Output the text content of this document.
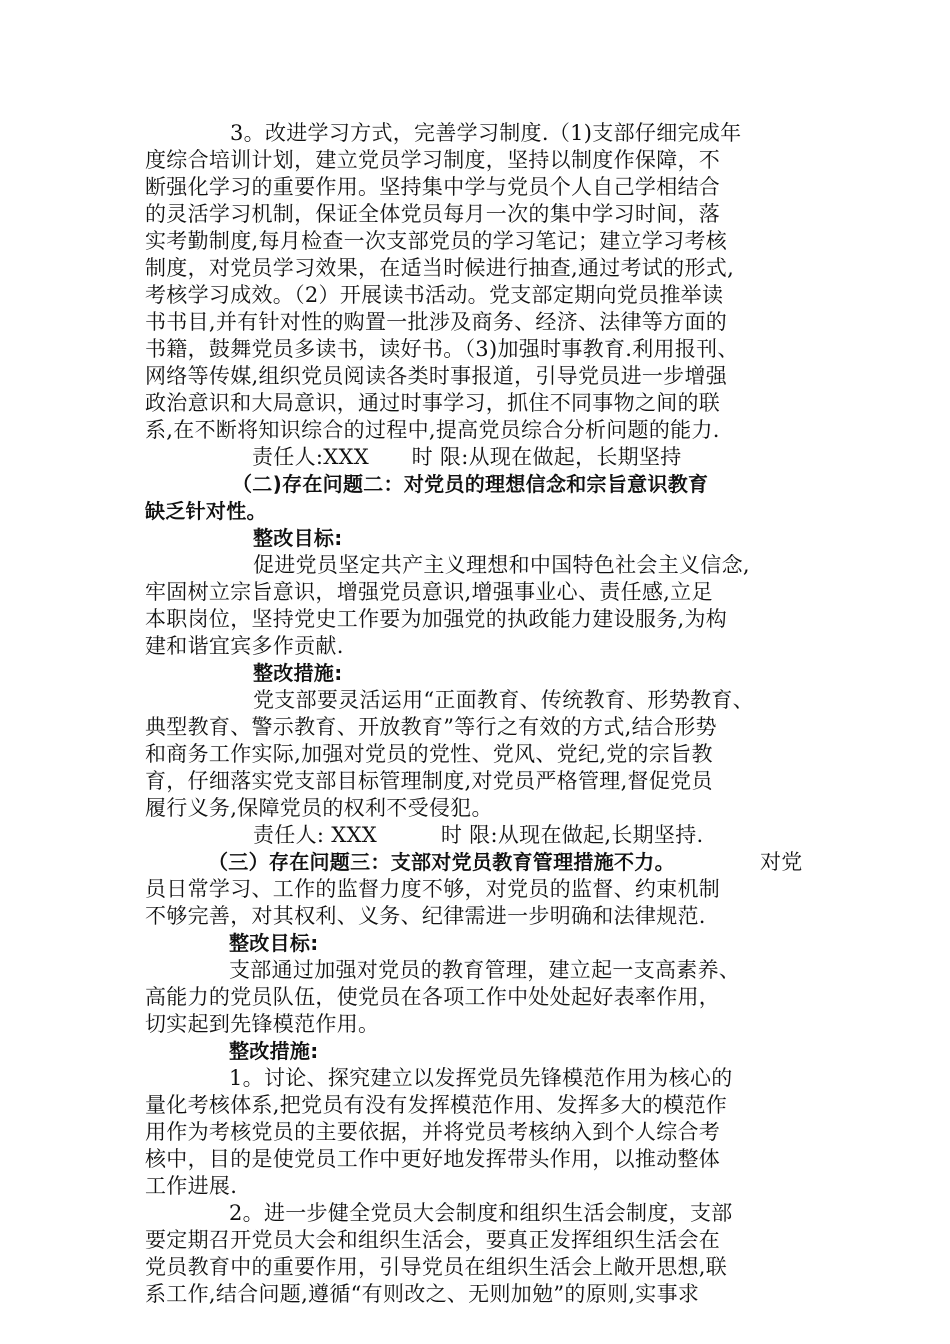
3。改进学习方式，完善学习制度.（1)支部仔细完成年
度综合培训计划，建立党员学习制度，坚持以制度作保障，不
断强化学习的重要作用。坚持集中学与党员个人自己学相结合
的灵活学习机制，保证全体党员每月一次的集中学习时间，落
实考勤制度,每月检查一次支部党员的学习笔记；建立学习考核
制度，对党员学习效果，在适当时候进行抽查,通过考试的形式,
考核学习成效。（2）开展读书活动。党支部定期向党员推举读
书书目,并有针对性的购置一批涉及商务、经济、法律等方面的
书籍，鼓舞党员多读书，读好书。（3)加强时事教育.利用报刊、
网络等传媒,组织党员阅读各类时事报道，引导党员进一步增强
政治意识和大局意识，通过时事学习，抓住不同事物之间的联
系,在不断将知识综合的过程中,提高党员综合分析问题的能力.
责任人:XXX　　时 限:从现在做起，长期坚持
（二)存在问题二：对党员的理想信念和宗旨意识教育
缺乏针对性。
整改目标:
促进党员坚定共产主义理想和中国特色社会主义信念,
牢固树立宗旨意识，增强党员意识,增强事业心、责任感,立足
本职岗位，坚持党史工作要为加强党的执政能力建设服务,为构
建和谐宜宾多作贡献.
整改措施:
党支部要灵活运用“正面教育、传统教育、形势教育、
典型教育、警示教育、开放教育”等行之有效的方式,结合形势
和商务工作实际,加强对党员的党性、党风、党纪,党的宗旨教
育，仔细落实党支部目标管理制度,对党员严格管理,督促党员
履行义务,保障党员的权利不受侵犯。
责任人: XXX　　　时 限:从现在做起,长期坚持.
（三）存在问题三：支部对党员教育管理措施不力。	对党
员日常学习、工作的监督力度不够，对党员的监督、约束机制
不够完善，对其权利、义务、纪律需进一步明确和法律规范.
整改目标:
支部通过加强对党员的教育管理，建立起一支高素养、
高能力的党员队伍，使党员在各项工作中处处起好表率作用，
切实起到先锋模范作用。
整改措施:
1。讨论、探究建立以发挥党员先锋模范作用为核心的
量化考核体系,把党员有没有发挥模范作用、发挥多大的模范作
用作为考核党员的主要依据，并将党员考核纳入到个人综合考
核中，目的是使党员工作中更好地发挥带头作用，以推动整体
工作进展.
2。进一步健全党员大会制度和组织生活会制度，支部
要定期召开党员大会和组织生活会，要真正发挥组织生活会在
党员教育中的重要作用，引导党员在组织生活会上敞开思想,联
系工作,结合问题,遵循“有则改之、无则加勉”的原则,实事求
